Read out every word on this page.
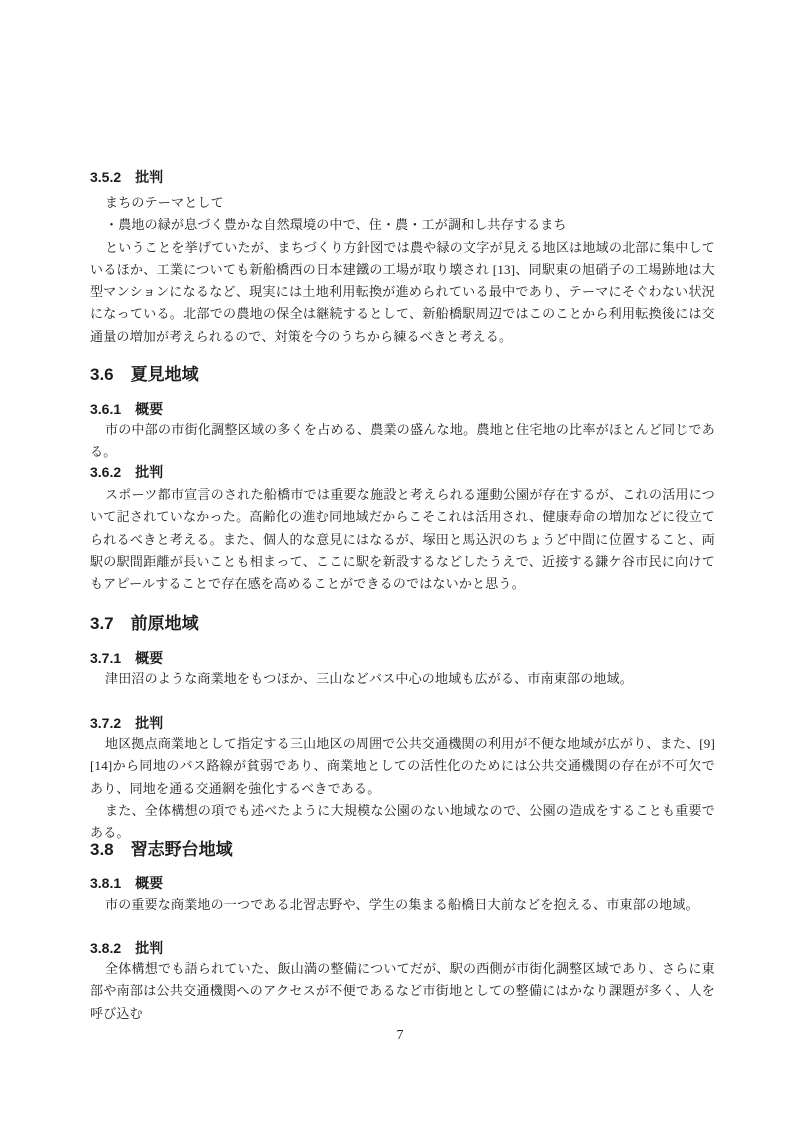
3.5.2 批判

まちのテーマとして

・農地の緑が息づく豊かな自然環境の中で、住・農・工が調和し共存するまち

ということを挙げていたが、まちづくり方針図では農や緑の文字が見える地区は地域の北部に集中しているほか、工業についても新船橋西の日本建鐵の工場が取り壊され [13]、同駅東の旭硝子の工場跡地は大型マンションになるなど、現実には土地利用転換が進められている最中であり、テーマにそぐわない状況になっている。北部での農地の保全は継続するとして、新船橋駅周辺ではこのことから利用転換後には交通量の増加が考えられるので、対策を今のうちから練るべきと考える。

3.6 夏見地域
3.6.1 概要

市の中部の市街化調整区域の多くを占める、農業の盛んな地。農地と住宅地の比率がほとんど同じである。

3.6.2 批判

スポーツ都市宣言のされた船橋市では重要な施設と考えられる運動公園が存在するが、これの活用について記されていなかった。高齢化の進む同地域だからこそこれは活用され、健康寿命の増加などに役立てられるべきと考える。また、個人的な意見にはなるが、塚田と馬込沢のちょうど中間に位置すること、両駅の駅間距離が長いことも相まって、ここに駅を新設するなどしたうえで、近接する鎌ケ谷市民に向けてもアピールすることで存在感を高めることができるのではないかと思う。

3.7 前原地域
3.7.1 概要

津田沼のような商業地をもつほか、三山などバス中心の地域も広がる、市南東部の地域。

3.7.2 批判

地区拠点商業地として指定する三山地区の周囲で公共交通機関の利用が不便な地域が広がり、また、[9][14]から同地のバス路線が貧弱であり、商業地としての活性化のためには公共交通機関の存在が不可欠であり、同地を通る交通網を強化するべきである。

また、全体構想の項でも述べたように大規模な公園のない地域なので、公園の造成をすることも重要である。

3.8 習志野台地域
3.8.1 概要

市の重要な商業地の一つである北習志野や、学生の集まる船橋日大前などを抱える、市東部の地域。

3.8.2 批判

全体構想でも語られていた、飯山満の整備についてだが、駅の西側が市街化調整区域であり、さらに東部や南部は公共交通機関へのアクセスが不便であるなど市街地としての整備にはかなり課題が多く、人を呼び込む

7
